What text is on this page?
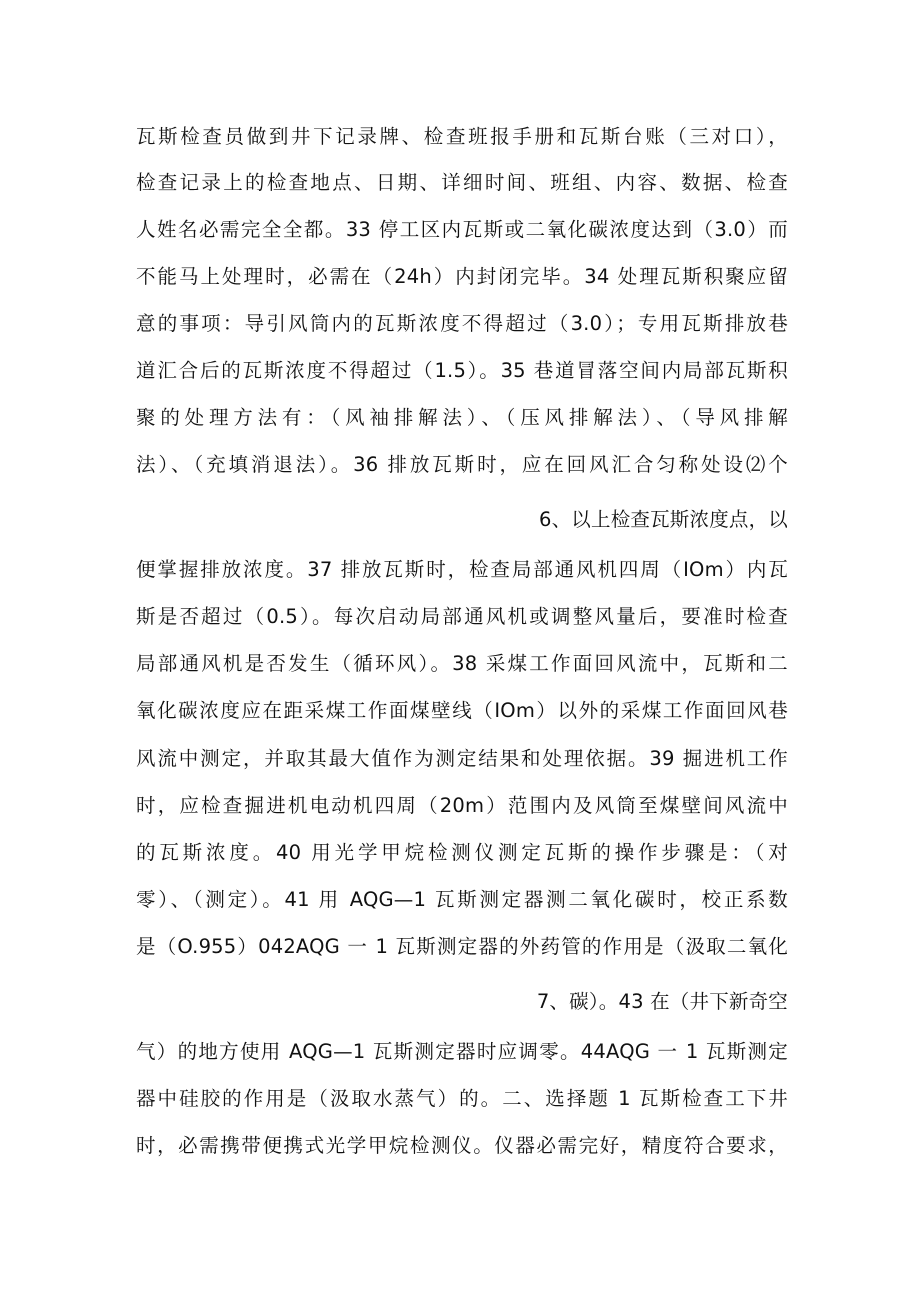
瓦斯检查员做到井下记录牌、检查班报手册和瓦斯台账（三对口），
检查记录上的检查地点、日期、详细时间、班组、内容、数据、检查
人姓名必需完全全都。33 停工区内瓦斯或二氧化碳浓度达到（3.0）而
不能马上处理时，必需在（24h）内封闭完毕。34 处理瓦斯积聚应留
意的事项：导引风筒内的瓦斯浓度不得超过（3.0）；专用瓦斯排放巷
道汇合后的瓦斯浓度不得超过（1.5）。35 巷道冒落空间内局部瓦斯积
聚的处理方法有：（风袖排解法）、（压风排解法）、（导风排解
法）、（充填消退法）。36 排放瓦斯时，应在回风汇合匀称处设⑵个
6、以上检查瓦斯浓度点，以
便掌握排放浓度。37 排放瓦斯时，检查局部通风机四周（IOm）内瓦
斯是否超过（0.5）。每次启动局部通风机或调整风量后，要准时检查
局部通风机是否发生（循环风）。38 采煤工作面回风流中，瓦斯和二
氧化碳浓度应在距采煤工作面煤壁线（IOm）以外的采煤工作面回风巷
风流中测定，并取其最大值作为测定结果和处理依据。39 掘进机工作
时，应检查掘进机电动机四周（20m）范围内及风筒至煤壁间风流中
的瓦斯浓度。40 用光学甲烷检测仪测定瓦斯的操作步骤是：（对
零）、（测定）。41 用 AQG—1 瓦斯测定器测二氧化碳时，校正系数
是（O.955）042AQG 一 1 瓦斯测定器的外药管的作用是（汲取二氧化
7、碳）。43 在（井下新奇空
气）的地方使用 AQG—1 瓦斯测定器时应调零。44AQG 一 1 瓦斯测定
器中硅胶的作用是（汲取水蒸气）的。二、选择题 1 瓦斯检查工下井
时，必需携带便携式光学甲烷检测仪。仪器必需完好，精度符合要求，
